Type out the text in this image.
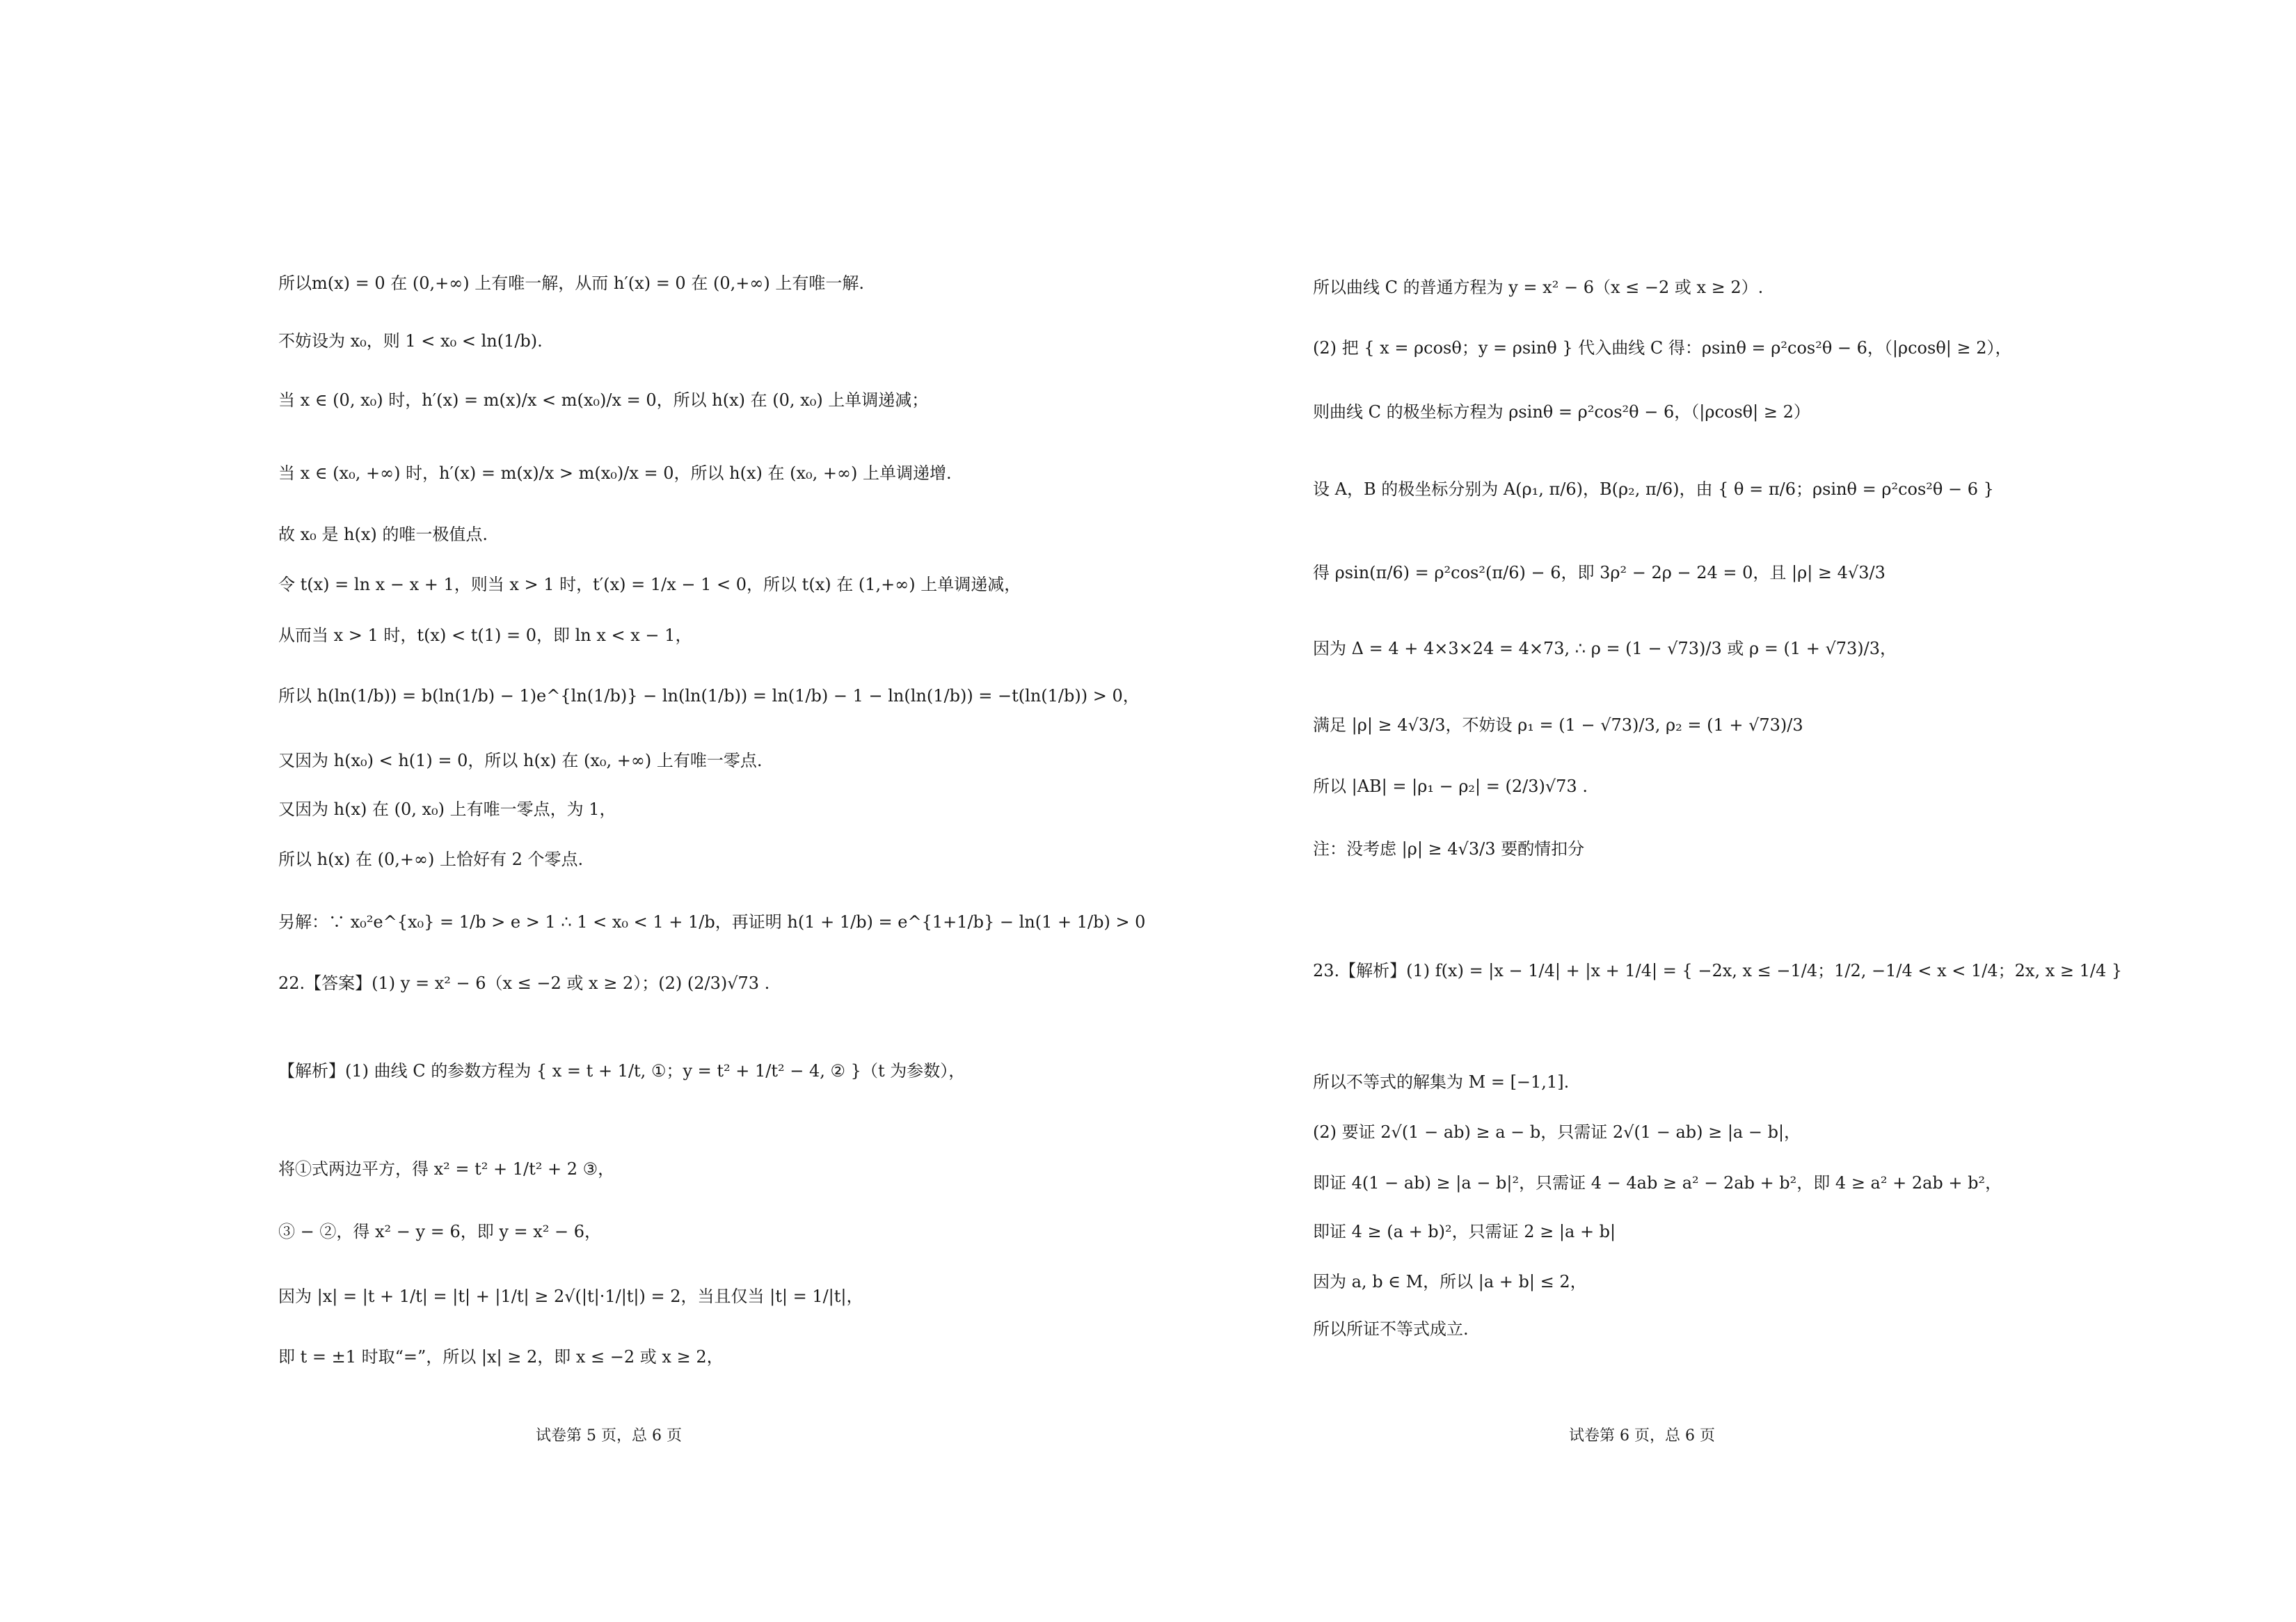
所以m(x) = 0 在 (0,+∞) 上有唯一解，从而 h′(x) = 0 在 (0,+∞) 上有唯一解.
不妨设为 x₀，则 1 < x₀ < ln(1/b).
当 x ∈ (0, x₀) 时，h′(x) = m(x)/x < m(x₀)/x = 0，所以 h(x) 在 (0, x₀) 上单调递减；
当 x ∈ (x₀, +∞) 时，h′(x) = m(x)/x > m(x₀)/x = 0，所以 h(x) 在 (x₀, +∞) 上单调递增.
故 x₀ 是 h(x) 的唯一极值点.
令 t(x) = ln x − x + 1，则当 x > 1 时，t′(x) = 1/x − 1 < 0，所以 t(x) 在 (1,+∞) 上单调递减，
从而当 x > 1 时，t(x) < t(1) = 0，即 ln x < x − 1，
所以 h(ln(1/b)) = b(ln(1/b) − 1)e^{ln(1/b)} − ln(ln(1/b)) = ln(1/b) − 1 − ln(ln(1/b)) = −t(ln(1/b)) > 0，
又因为 h(x₀) < h(1) = 0，所以 h(x) 在 (x₀, +∞) 上有唯一零点.
又因为 h(x) 在 (0, x₀) 上有唯一零点，为 1，
所以 h(x) 在 (0,+∞) 上恰好有 2 个零点.
另解：∵ x₀²e^{x₀} = 1/b > e > 1 ∴ 1 < x₀ < 1 + 1/b，再证明 h(1 + 1/b) = e^{1+1/b} − ln(1 + 1/b) > 0
22.【答案】(1) y = x² − 6（x ≤ −2 或 x ≥ 2）；(2) (2/3)√73 .
【解析】(1) 曲线 C 的参数方程为 { x = t + 1/t, ①；y = t² + 1/t² − 4, ② }（t 为参数），
将①式两边平方，得 x² = t² + 1/t² + 2 ③，
③ − ②，得 x² − y = 6，即 y = x² − 6，
因为 |x| = |t + 1/t| = |t| + |1/t| ≥ 2√(|t|·1/|t|) = 2，当且仅当 |t| = 1/|t|，
即 t = ±1 时取“=”，所以 |x| ≥ 2，即 x ≤ −2 或 x ≥ 2，
试卷第 5 页，总 6 页
所以曲线 C 的普通方程为 y = x² − 6（x ≤ −2 或 x ≥ 2）.
(2) 把 { x = ρcosθ；y = ρsinθ } 代入曲线 C 得：ρsinθ = ρ²cos²θ − 6，（|ρcosθ| ≥ 2），
则曲线 C 的极坐标方程为 ρsinθ = ρ²cos²θ − 6，（|ρcosθ| ≥ 2）
设 A，B 的极坐标分别为 A(ρ₁, π/6)，B(ρ₂, π/6)，由 { θ = π/6；ρsinθ = ρ²cos²θ − 6 }
得 ρsin(π/6) = ρ²cos²(π/6) − 6，即 3ρ² − 2ρ − 24 = 0，且 |ρ| ≥ 4√3/3
因为 Δ = 4 + 4×3×24 = 4×73, ∴ ρ = (1 − √73)/3 或 ρ = (1 + √73)/3，
满足 |ρ| ≥ 4√3/3，不妨设 ρ₁ = (1 − √73)/3, ρ₂ = (1 + √73)/3
所以 |AB| = |ρ₁ − ρ₂| = (2/3)√73 .
注：没考虑 |ρ| ≥ 4√3/3 要酌情扣分
23.【解析】(1) f(x) = |x − 1/4| + |x + 1/4| = { −2x, x ≤ −1/4；1/2, −1/4 < x < 1/4；2x, x ≥ 1/4 }
所以不等式的解集为 M = [−1,1].
(2) 要证 2√(1 − ab) ≥ a − b，只需证 2√(1 − ab) ≥ |a − b|，
即证 4(1 − ab) ≥ |a − b|²，只需证 4 − 4ab ≥ a² − 2ab + b²，即 4 ≥ a² + 2ab + b²，
即证 4 ≥ (a + b)²，只需证 2 ≥ |a + b|
因为 a, b ∈ M，所以 |a + b| ≤ 2，
所以所证不等式成立.
试卷第 6 页，总 6 页
